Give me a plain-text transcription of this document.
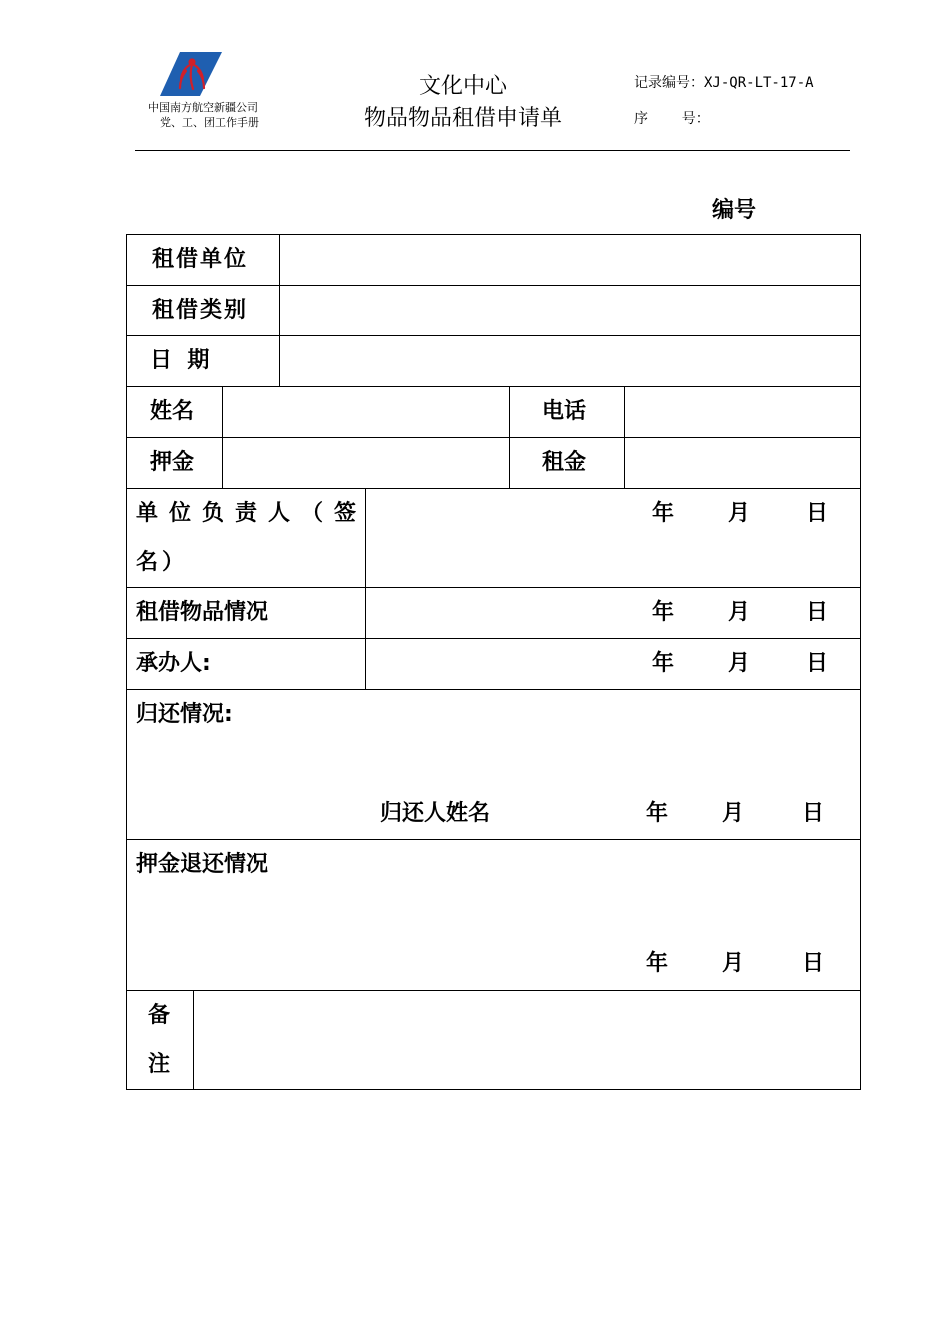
中国南方航空新疆公司
党、工、团工作手册
文化中心
物品物品租借申请单
记录编号：XJ-QR-LT-17-A
序    号：
编号
租借单位
租借类别
日  期
姓名	电话
押金	租金
单位负责人（签
名）
年 月	日
租借物品情况	年 月	日
承办人:	年 月	日
归还情况:
归还人姓名	年 月	日
押金退还情况
年 月	日
备
注
